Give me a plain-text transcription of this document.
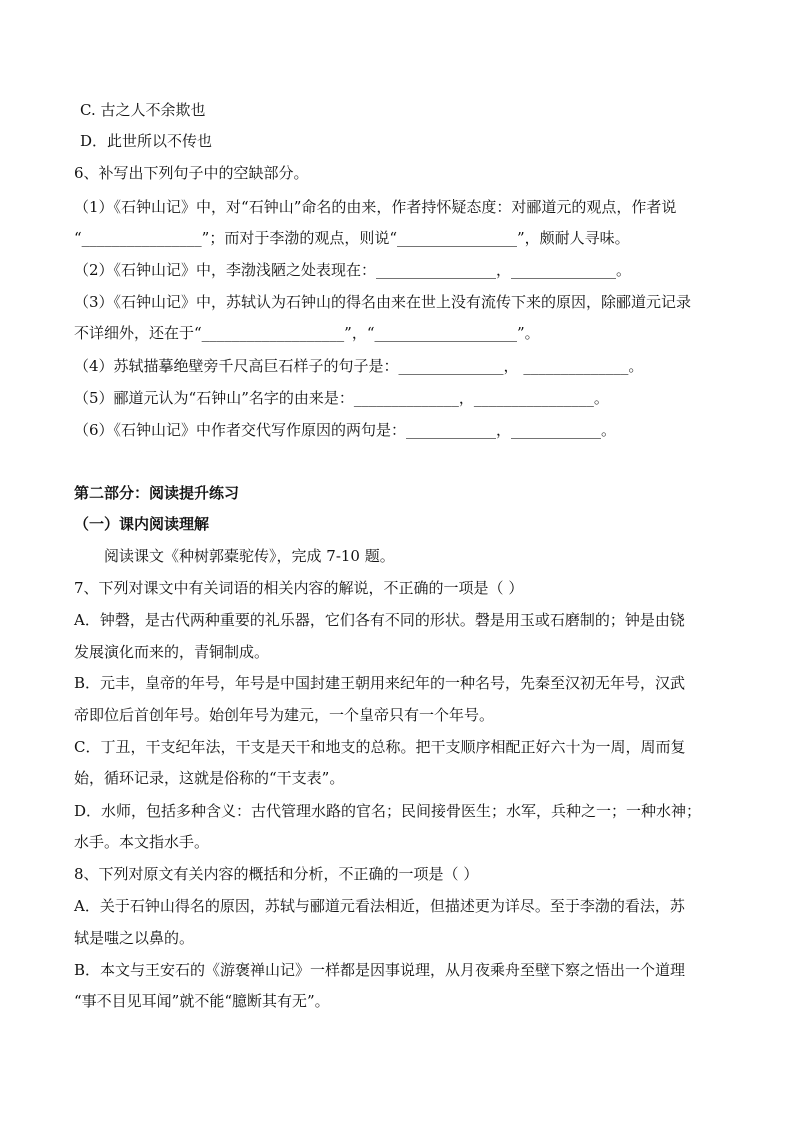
C. 古之人不余欺也
D．此世所以不传也
6、补写出下列句子中的空缺部分。
（1）《石钟山记》中，对“石钟山”命名的由来，作者持怀疑态度：对郦道元的观点，作者说
“________________”；而对于李渤的观点，则说“________________”，颇耐人寻味。
（2）《石钟山记》中，李渤浅陋之处表现在：________________，______________。
（3）《石钟山记》中，苏轼认为石钟山的得名由来在世上没有流传下来的原因，除郦道元记录
不详细外，还在于“___________________”，“___________________”。
（4）苏轼描摹绝壁旁千尺高巨石样子的句子是：______________， ______________。
（5）郦道元认为“石钟山”名字的由来是：______________，________________。
（6）《石钟山记》中作者交代写作原因的两句是：____________，____________。
第二部分：阅读提升练习
（一）课内阅读理解
阅读课文《种树郭橐驼传》，完成 7-10 题。
7、下列对课文中有关词语的相关内容的解说，不正确的一项是（ ）
A．钟磬，是古代两种重要的礼乐器，它们各有不同的形状。磬是用玉或石磨制的；钟是由铙
发展演化而来的，青铜制成。
B．元丰，皇帝的年号，年号是中国封建王朝用来纪年的一种名号，先秦至汉初无年号，汉武
帝即位后首创年号。始创年号为建元，一个皇帝只有一个年号。
C．丁丑，干支纪年法，干支是天干和地支的总称。把干支顺序相配正好六十为一周，周而复
始，循环记录，这就是俗称的“干支表”。
D．水师，包括多种含义：古代管理水路的官名；民间接骨医生；水军，兵种之一；一种水神；
水手。本文指水手。
8、下列对原文有关内容的概括和分析，不正确的一项是（ ）
A．关于石钟山得名的原因，苏轼与郦道元看法相近，但描述更为详尽。至于李渤的看法，苏
轼是嗤之以鼻的。
B．本文与王安石的《游褒禅山记》一样都是因事说理，从月夜乘舟至壁下察之悟出一个道理
“事不目见耳闻”就不能“臆断其有无”。
